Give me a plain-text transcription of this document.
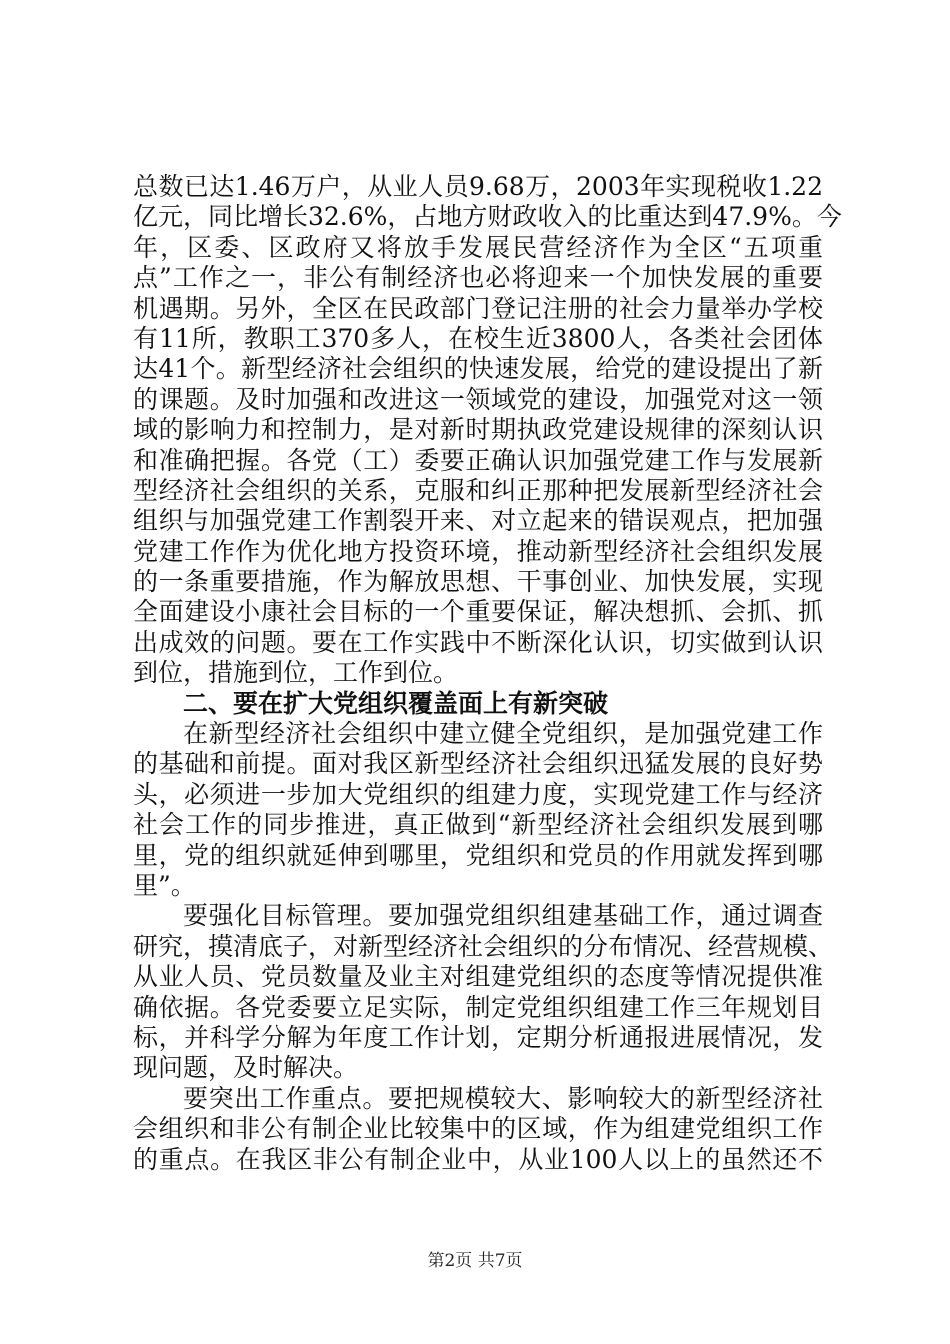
总数已达1.46万户，从业人员9.68万，2003年实现税收1.22
亿元，同比增长32.6%，占地方财政收入的比重达到47.9%。今
年，区委、区政府又将放手发展民营经济作为全区“五项重
点”工作之一，非公有制经济也必将迎来一个加快发展的重要
机遇期。另外，全区在民政部门登记注册的社会力量举办学校
有11所，教职工370多人，在校生近3800人，各类社会团体
达41个。新型经济社会组织的快速发展，给党的建设提出了新
的课题。及时加强和改进这一领域党的建设，加强党对这一领
域的影响力和控制力，是对新时期执政党建设规律的深刻认识
和准确把握。各党（工）委要正确认识加强党建工作与发展新
型经济社会组织的关系，克服和纠正那种把发展新型经济社会
组织与加强党建工作割裂开来、对立起来的错误观点，把加强
党建工作作为优化地方投资环境，推动新型经济社会组织发展
的一条重要措施，作为解放思想、干事创业、加快发展，实现
全面建设小康社会目标的一个重要保证，解决想抓、会抓、抓
出成效的问题。要在工作实践中不断深化认识，切实做到认识
到位，措施到位，工作到位。
二、要在扩大党组织覆盖面上有新突破
在新型经济社会组织中建立健全党组织，是加强党建工作
的基础和前提。面对我区新型经济社会组织迅猛发展的良好势
头，必须进一步加大党组织的组建力度，实现党建工作与经济
社会工作的同步推进，真正做到“新型经济社会组织发展到哪
里，党的组织就延伸到哪里，党组织和党员的作用就发挥到哪
里”。
要强化目标管理。要加强党组织组建基础工作，通过调查
研究，摸清底子，对新型经济社会组织的分布情况、经营规模、
从业人员、党员数量及业主对组建党组织的态度等情况提供准
确依据。各党委要立足实际，制定党组织组建工作三年规划目
标，并科学分解为年度工作计划，定期分析通报进展情况，发
现问题，及时解决。
要突出工作重点。要把规模较大、影响较大的新型经济社
会组织和非公有制企业比较集中的区域，作为组建党组织工作
的重点。在我区非公有制企业中，从业100人以上的虽然还不
第2页 共7页
